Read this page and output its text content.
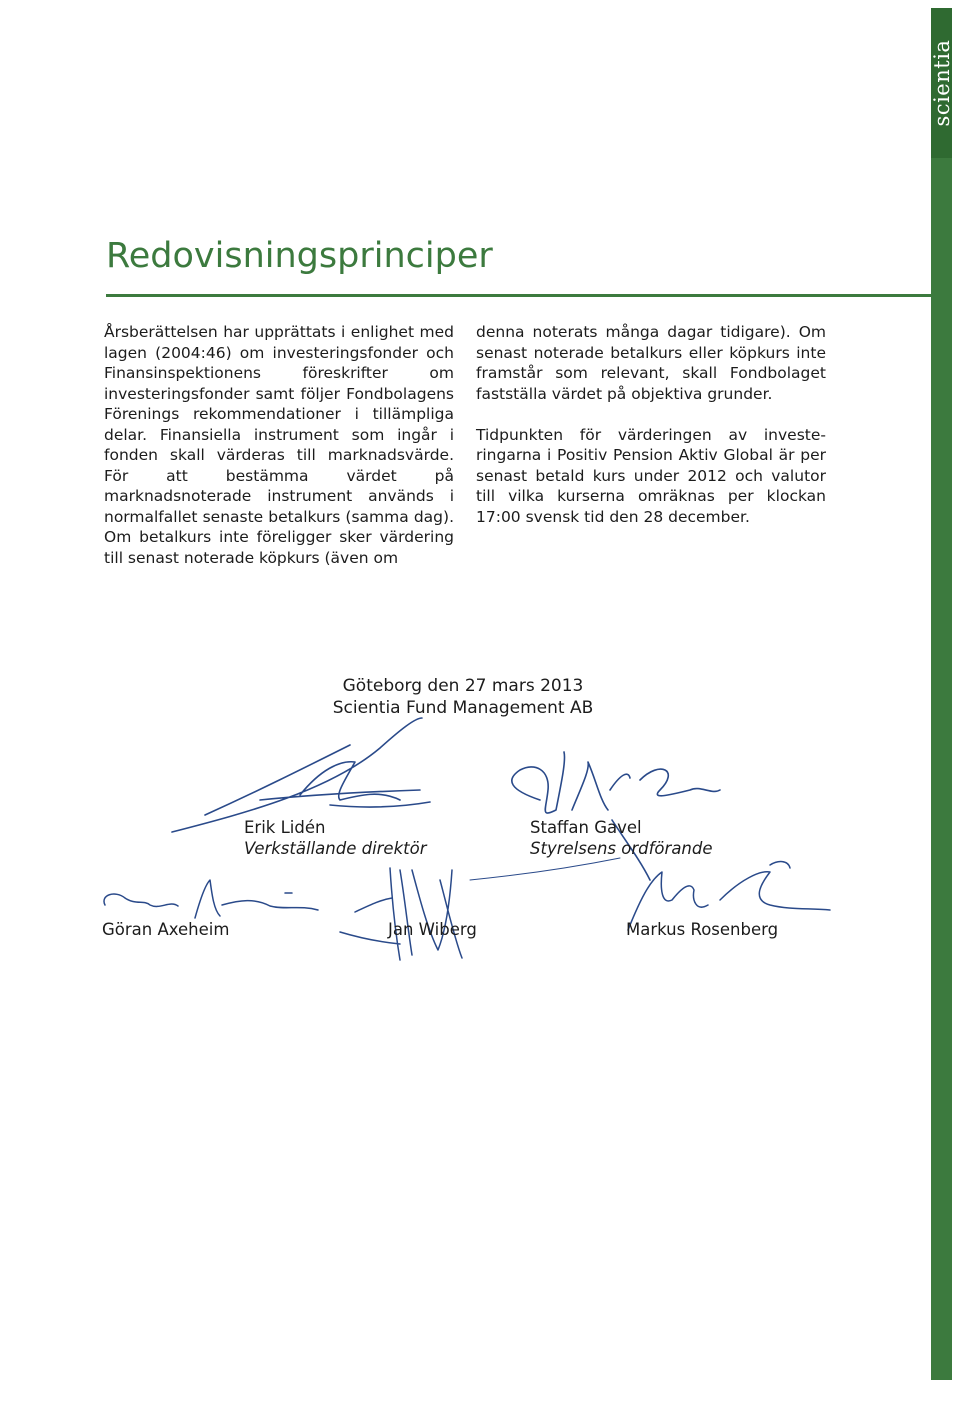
scientia
Redovisningsprinciper

Årsberättelsen har upprättats i enlighet med lagen (2004:46) om investeringsfonder och Finansinspektionens föreskrifter om investeringsfonder samt följer Fondbolagens Förenings rekommendationer i tillämpliga delar. Finansiella instrument som ingår i fonden skall värderas till marknadsvärde. För att bestämma värdet på marknadsnoterade instrument används i normalfallet senaste betalkurs (samma dag). Om betalkurs inte föreligger sker värdering till senast noterade köpkurs (även om

denna noterats många dagar tidigare). Om senast noterade betalkurs eller köpkurs inte framstår som relevant, skall Fondbolaget fastställa värdet på objektiva grunder.

Tidpunkten för värderingen av investeringarna i Positiv Pension Aktiv Global är per senast betald kurs under 2012 och valutor till vilka kurserna omräknas per klockan 17:00 svensk tid den 28 december.

Göteborg den 27 mars 2013
Scientia Fund Management AB
Erik Lidén
Verkställande direktör
Staffan Gavel
Styrelsens ordförande
Göran Axeheim	Jan Wiberg	Markus Rosenberg
